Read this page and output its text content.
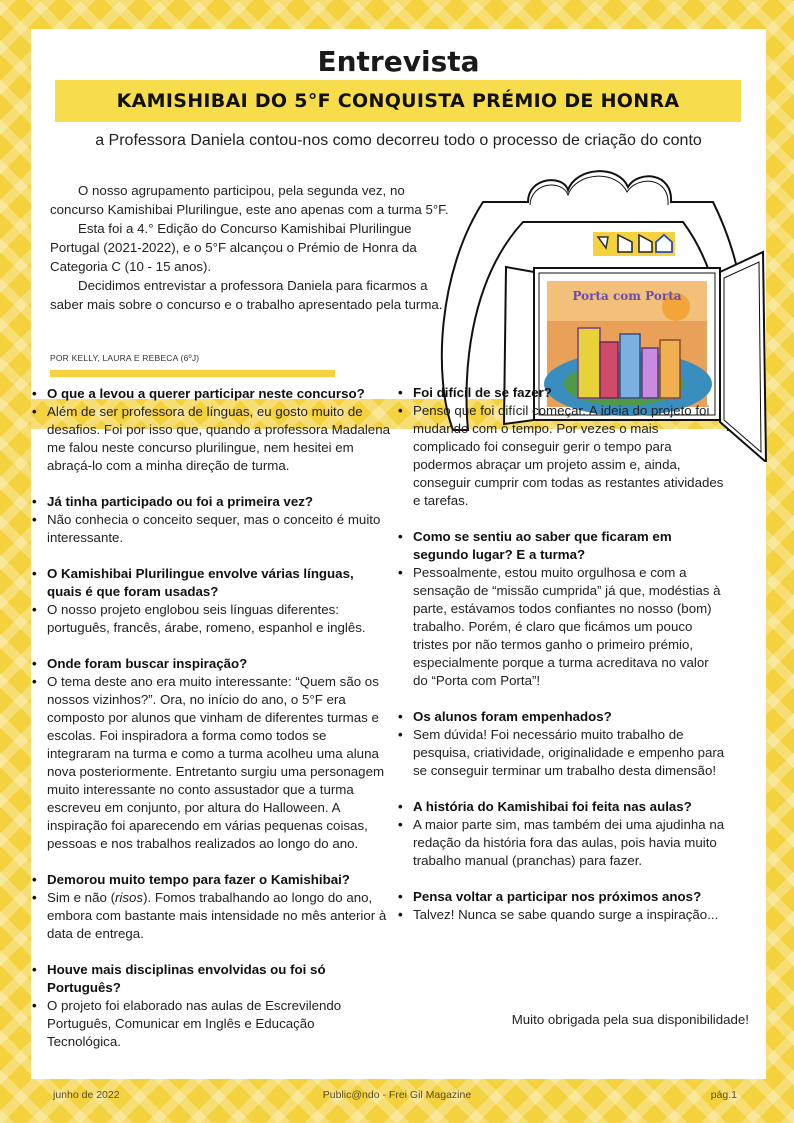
Entrevista
KAMISHIBAI DO 5°F CONQUISTA PRÉMIO DE HONRA

a Professora Daniela contou-nos como decorreu todo o processo de criação do conto

O nosso agrupamento participou, pela segunda vez, no concurso Kamishibai Plurilingue, este ano apenas com a turma 5°F.

Esta foi a 4.° Edição do Concurso Kamishibai Plurilingue Portugal (2021-2022), e o 5°F alcançou o Prémio de Honra da Categoria C (10 - 15 anos).

Decidimos entrevistar a professora Daniela para ficarmos a saber mais sobre o concurso e o trabalho apresentado pela turma.

POR KELLY, LAURA E REBECA (6ºJ)
Porta com Porta
Muito obrigada pela sua disponibilidade!
• O que a levou a querer participar neste concurso?
• Além de ser professora de línguas, eu gosto muito de desafios. Foi por isso que, quando a professora Madalena me falou neste concurso plurilingue, nem hesitei em abraçá-lo com a minha direção de turma.
• Já tinha participado ou foi a primeira vez?
• Não conhecia o conceito sequer, mas o conceito é muito interessante.
• O Kamishibai Plurilingue envolve várias línguas, quais é que foram usadas?
• O nosso projeto englobou seis línguas diferentes: português, francês, árabe, romeno, espanhol e inglês.
• Onde foram buscar inspiração?
• O tema deste ano era muito interessante: “Quem são os nossos vizinhos?”. Ora, no início do ano, o 5°F era composto por alunos que vinham de diferentes turmas e escolas. Foi inspiradora a forma como todos se integraram na turma e como a turma acolheu uma aluna nova posteriormente. Entretanto surgiu uma personagem muito interessante no conto assustador que a turma escreveu em conjunto, por altura do Halloween. A inspiração foi aparecendo em várias pequenas coisas, pessoas e nos trabalhos realizados ao longo do ano.
• Demorou muito tempo para fazer o Kamishibai?
• Sim e não (risos). Fomos trabalhando ao longo do ano, embora com bastante mais intensidade no mês anterior à data de entrega.
• Houve mais disciplinas envolvidas ou foi só Português?
• O projeto foi elaborado nas aulas de Escrevilendo Português, Comunicar em Inglês e Educação Tecnológica.
• Foi difícil de se fazer?
• Penso que foi difícil começar. A ideia do projeto foi mudando com o tempo. Por vezes o mais complicado foi conseguir gerir o tempo para podermos abraçar um projeto assim e, ainda, conseguir cumprir com todas as restantes atividades e tarefas.
• Como se sentiu ao saber que ficaram em segundo lugar? E a turma?
• Pessoalmente, estou muito orgulhosa e com a sensação de “missão cumprida” já que, modéstias à parte, estávamos todos confiantes no nosso (bom) trabalho. Porém, é claro que ficámos um pouco tristes por não termos ganho o primeiro prémio, especialmente porque a turma acreditava no valor do “Porta com Porta”!
• Os alunos foram empenhados?
• Sem dúvida! Foi necessário muito trabalho de pesquisa, criatividade, originalidade e empenho para se conseguir terminar um trabalho desta dimensão!
• A história do Kamishibai foi feita nas aulas?
• A maior parte sim, mas também dei uma ajudinha na redação da história fora das aulas, pois havia muito trabalho manual (pranchas) para fazer.
• Pensa voltar a participar nos próximos anos?
• Talvez! Nunca se sabe quando surge a inspiração...
junho de 2022	Public@ndo - Frei Gil Magazine	pág.1
